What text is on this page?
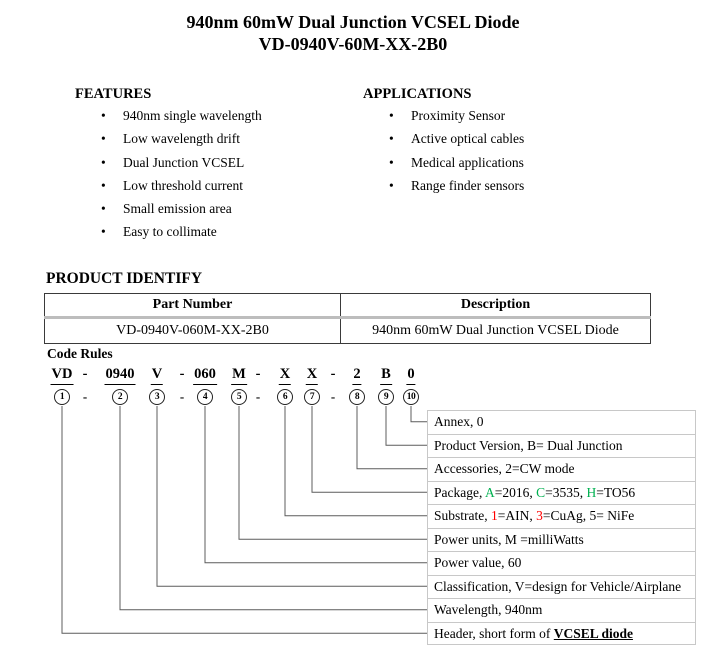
940nm 60mW Dual Junction VCSEL Diode
VD-0940V-60M-XX-2B0
FEATURES
• 940nm single wavelength
• Low wavelength drift
• Dual Junction VCSEL
• Low threshold current
• Small emission area
• Easy to collimate
APPLICATIONS
• Proximity Sensor
• Active optical cables
• Medical applications
• Range finder sensors
PRODUCT IDENTIFY
Part Number	Description
VD-0940V-060M-XX-2B0	940nm 60mW Dual Junction VCSEL Diode
Code Rules
VD - 0940 V - 060 M - X X - 2 B 0
1	-	2	3	-	4	5	-	6	7	-	8	9	10
Annex, 0
Product Version, B= Dual Junction
Accessories, 2=CW mode
Package, A=2016, C=3535, H=TO56
Substrate, 1=AIN, 3=CuAg, 5= NiFe
Power units, M =milliWatts
Power value, 60
Classification, V=design for Vehicle/Airplane
Wavelength, 940nm
Header, short form of VCSEL diode
